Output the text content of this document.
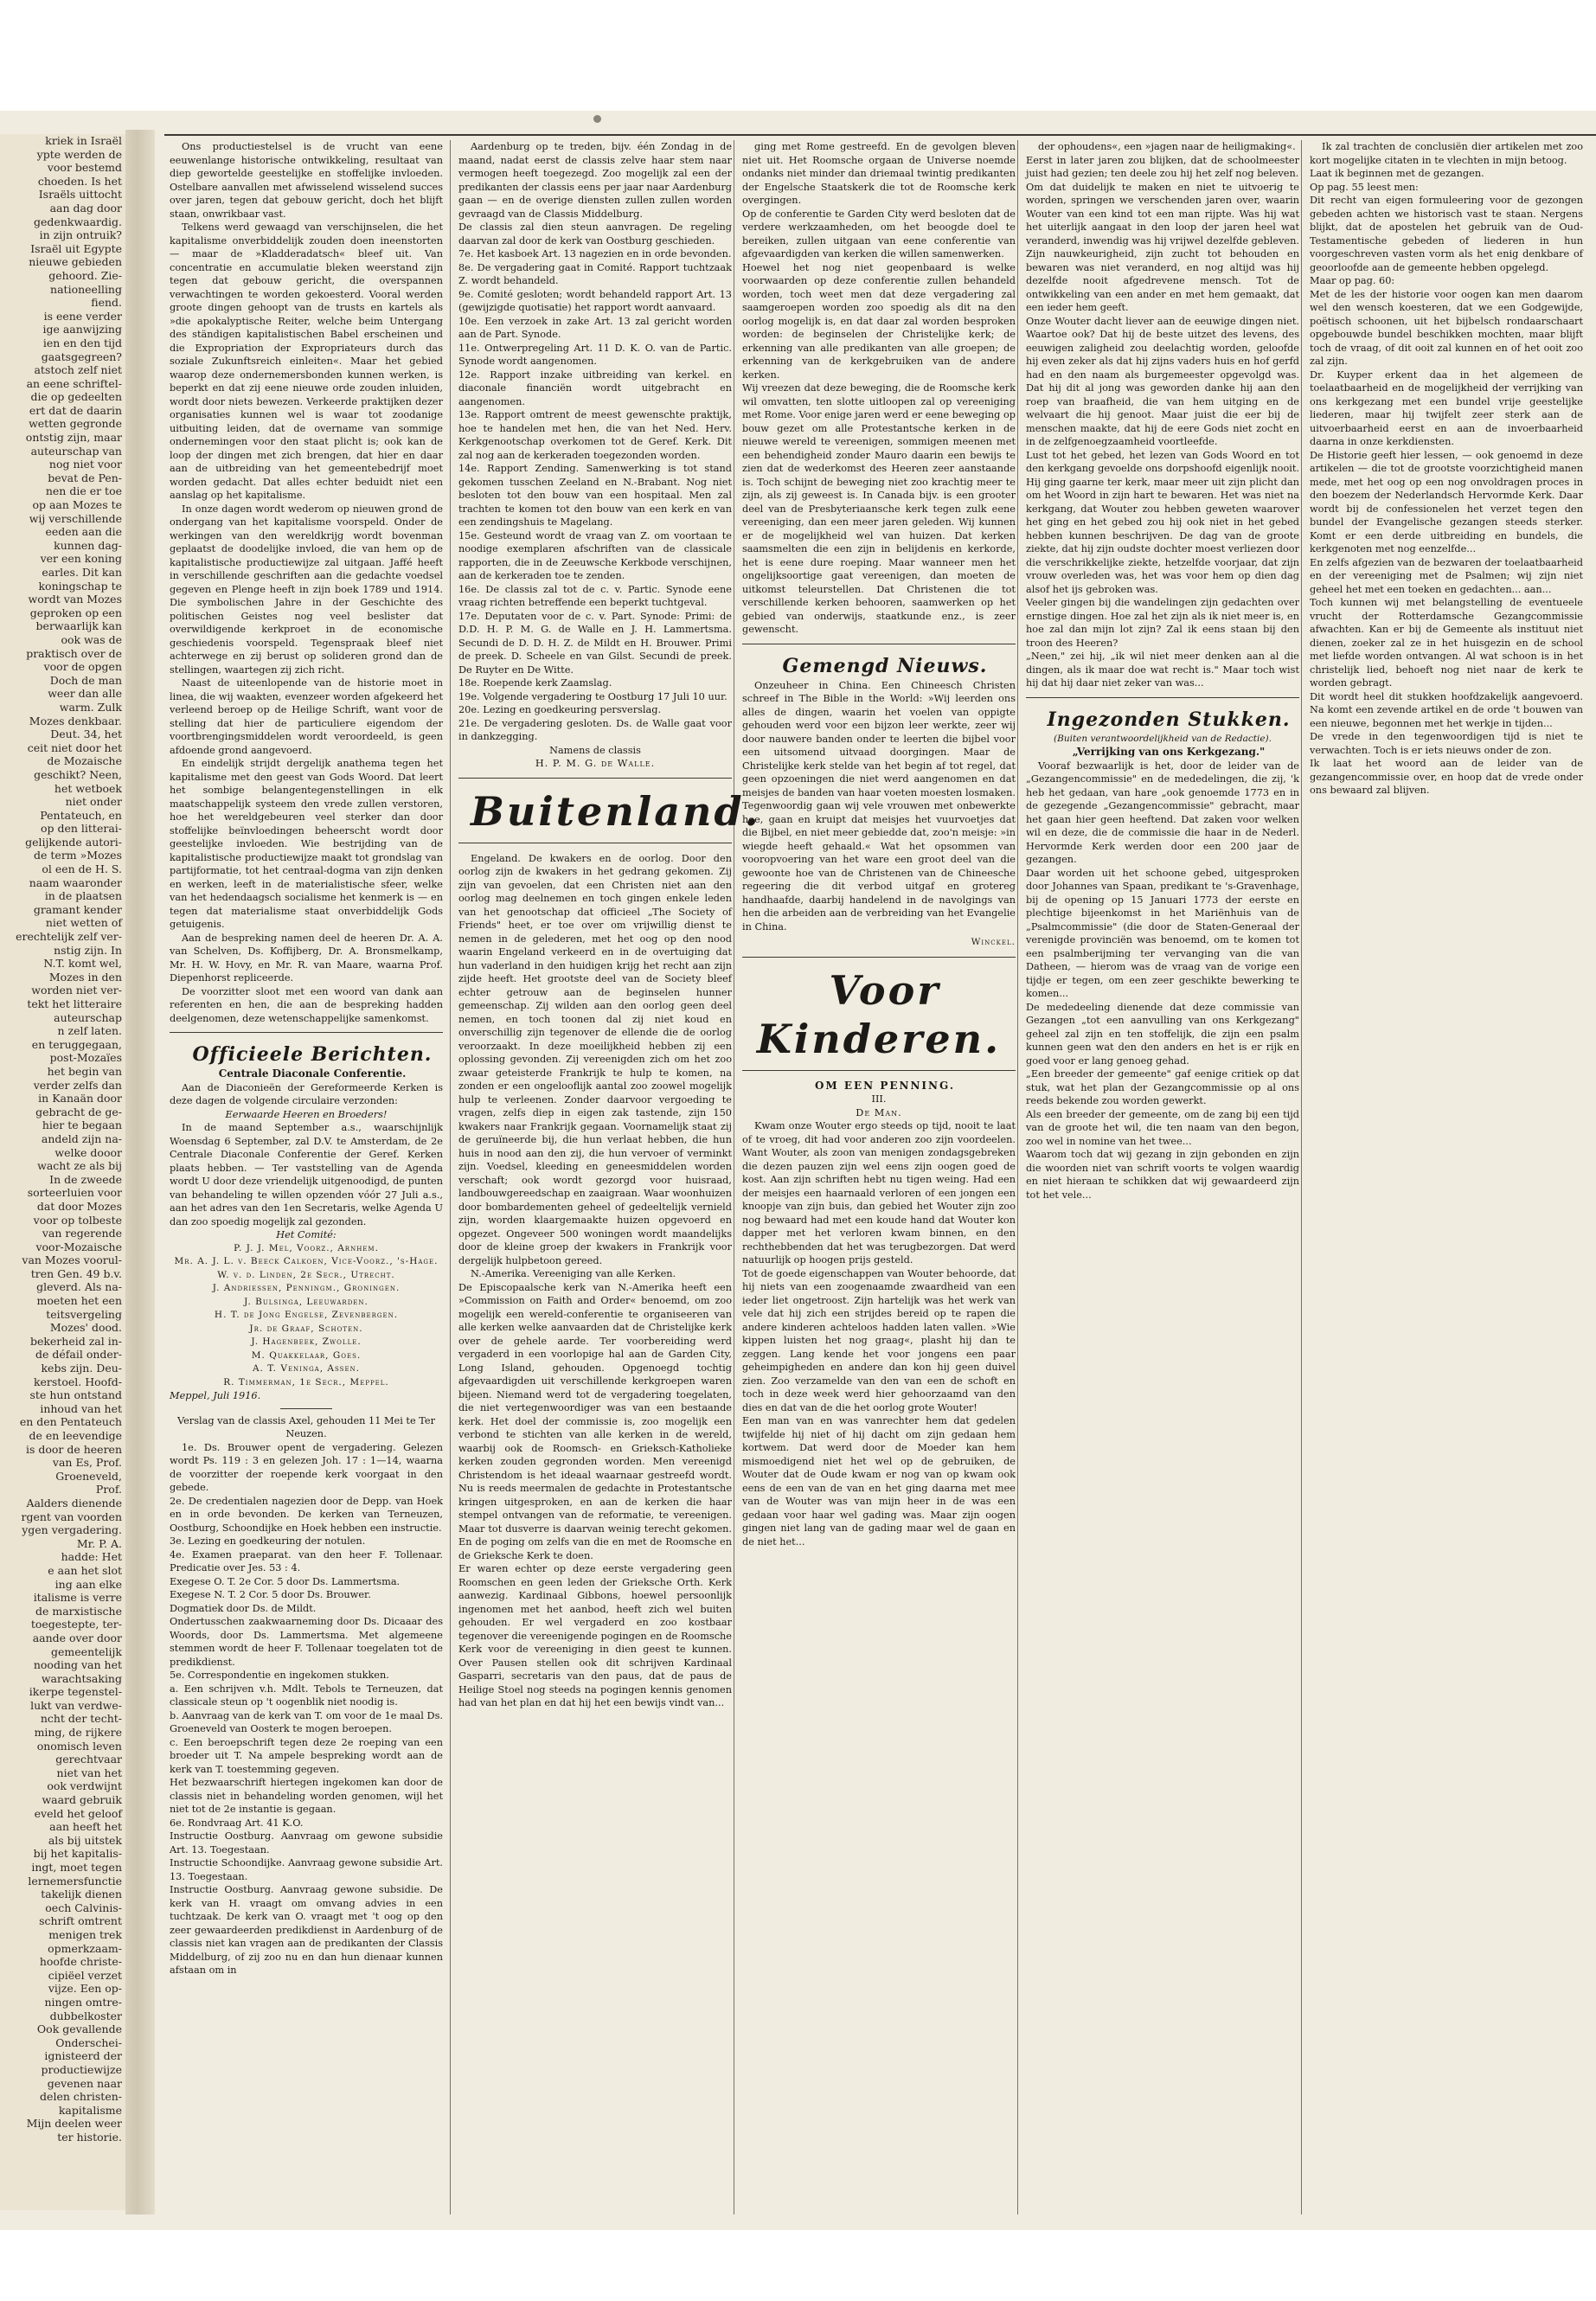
kriek in Israël

ypte werden de

voor bestemd

choeden. Is het

Israëls uittocht

aan dag door

gedenkwaardig.

in zijn ontruik?

Israël uit Egypte

nieuwe gebieden

gehoord. Zie-

nationeelling

fiend.

is eene verder

ige aanwijzing

ien en den tijd

gaatsgegreen?

atstoch zelf niet

an eene schriftel-

die op gedeelten

ert dat de daarin

wetten gegronde

ontstig zijn, maar

auteurschap van

nog niet voor

bevat de Pen-

nen die er toe

op aan Mozes te

wij verschillende

eeden aan die

kunnen dag-

ver een koning

earles. Dit kan

koningschap te

wordt van Mozes

geproken op een

berwaarlijk kan

ook was de

praktisch over de

voor de opgen

Doch de man

weer dan alle

warm. Zulk

Mozes denkbaar.

Deut. 34, het

ceit niet door het

de Mozaische

geschikt? Neen,

het wetboek

niet onder

Pentateuch, en

op den litterai-

gelijkende autori-

de term »Mozes

ol een de H. S.

naam waaronder

in de plaatsen

gramant kender

niet wetten of

erechtelijk zelf ver-

nstig zijn. In

N.T. komt wel,

Mozes in den

worden niet ver-

tekt het litteraire

auteurschap

n zelf laten.

en teruggegaan,

post-Mozaïes

het begin van

verder zelfs dan

in Kanaän door

gebracht de ge-

hier te begaan

andeld zijn na-

welke dooor

wacht ze als bij

In de zweede

sorteerluien voor

dat door Mozes

voor op tolbeste

van regerende

voor-Mozaische

van Mozes voorul-

tren Gen. 49 b.v.

gleverd. Als na-

moeten het een

teitsvergeling

Mozes' dood.

bekerheid zal in-

de défail onder-

kebs zijn. Deu-

kerstoel. Hoofd-

ste hun ontstand

inhoud van het

en den Pentateuch

de en leevendige

is door de heeren

van Es, Prof.

Groeneveld,

Prof.

Aalders dienende

rgent van voorden

ygen vergadering.

Mr. P. A.

hadde: Het

e aan het slot

ing aan elke

italisme is verre

de marxistische

toegestepte, ter-

aande over door

gemeentelijk

nooding van het

warachtsaking

ikerpe tegenstel-

lukt van verdwe-

ncht der techt-

ming, de rijkere

onomisch leven

gerechtvaar

niet van het

ook verdwijnt

waard gebruik

eveld het geloof

aan heeft het

als bij uitstek

bij het kapitalis-

ingt, moet tegen

lernemersfunctie

takelijk dienen

oech Calvinis-

schrift omtrent

menigen trek

opmerkzaam-

hoofde christe-

cipiëel verzet

vijze. Een op-

ningen omtre-

dubbelkoster

Ook gevallende

Onderschei-

ignisteerd der

productiewijze

gevenen naar

delen christen-

kapitalisme

Mijn deelen weer

ter historie.

Ons productiestelsel is de vrucht van eene eeuwenlange historische ontwikkeling, resultaat van diep gewortelde geestelijke en stoffelijke invloeden. Ostelbare aanvallen met afwisselend wisselend succes over jaren, tegen dat gebouw gericht, doch het blijft staan, onwrikbaar vast.

Telkens werd gewaagd van verschijnselen, die het kapitalisme onverbiddelijk zouden doen ineenstorten — maar de »Kladderadatsch« bleef uit. Van concentratie en accumulatie bleken weerstand zijn tegen dat gebouw gericht, die overspannen verwachtingen te worden gekoesterd. Vooral werden groote dingen gehoopt van de trusts en kartels als »die apokalyptische Reiter, welche beim Untergang des ständigen kapitalistischen Babel erscheinen und die Expropriation der Expropriateurs durch das soziale Zukunftsreich einleiten«. Maar het gebied waarop deze ondernemersbonden kunnen werken, is beperkt en dat zij eene nieuwe orde zouden inluiden, wordt door niets bewezen. Verkeerde praktijken dezer organisaties kunnen wel is waar tot zoodanige uitbuiting leiden, dat de overname van sommige ondernemingen voor den staat plicht is; ook kan de loop der dingen met zich brengen, dat hier en daar aan de uitbreiding van het gemeentebedrijf moet worden gedacht. Dat alles echter beduidt niet een aanslag op het kapitalisme.

In onze dagen wordt wederom op nieuwen grond de ondergang van het kapitalisme voorspeld. Onder de werkingen van den wereldkrijg wordt bovenman geplaatst de doodelijke invloed, die van hem op de kapitalistische productiewijze zal uitgaan. Jaffé heeft in verschillende geschriften aan die gedachte voedsel gegeven en Plenge heeft in zijn boek 1789 und 1914. Die symbolischen Jahre in der Geschichte des politischen Geistes nog veel beslister dat overwildigende kerkproet in de economische geschiedenis voorspeld. Tegenspraak bleef niet achterwege en zij berust op solideren grond dan de stellingen, waartegen zij zich richt.

Naast de uiteenlopende van de historie moet in linea, die wij waakten, evenzeer worden afgekeerd het verleend beroep op de Heilige Schrift, want voor de stelling dat hier de particuliere eigendom der voortbrengingsmiddelen wordt veroordeeld, is geen afdoende grond aangevoerd.

En eindelijk strijdt dergelijk anathema tegen het kapitalisme met den geest van Gods Woord. Dat leert het sombige belangentegenstellingen in elk maatschappelijk systeem den vrede zullen verstoren, hoe het wereldgebeuren veel sterker dan door stoffelijke beïnvloedingen beheerscht wordt door geestelijke invloeden. Wie bestrijding van de kapitalistische productiewijze maakt tot grondslag van partijformatie, tot het centraal-dogma van zijn denken en werken, leeft in de materialistische sfeer, welke van het hedendaagsch socialisme het kenmerk is — en tegen dat materialisme staat onverbiddelijk Gods getuigenis.

Aan de bespreking namen deel de heeren Dr. A. A. van Schelven, Ds. Koffijberg, Dr. A. Bronsmelkamp, Mr. H. W. Hovy, en Mr. R. van Maare, waarna Prof. Diepenhorst repliceerde.

De voorzitter sloot met een woord van dank aan referenten en hen, die aan de bespreking hadden deelgenomen, deze wetenschappelijke samenkomst.

Officieele Berichten.

Centrale Diaconale Conferentie.

Aan de Diaconieën der Gereformeerde Kerken is deze dagen de volgende circulaire verzonden:

Eerwaarde Heeren en Broeders!

In de maand September a.s., waarschijnlijk Woensdag 6 September, zal D.V. te Amsterdam, de 2e Centrale Diaconale Conferentie der Geref. Kerken plaats hebben. — Ter vaststelling van de Agenda wordt U door deze vriendelijk uitgenoodigd, de punten van behandeling te willen opzenden vóór 27 Juli a.s., aan het adres van den 1en Secretaris, welke Agenda U dan zoo spoedig mogelijk zal gezonden.

Het Comité:

P. J. J. Mel, Voorz., Arnhem.

Mr. A. J. L. v. Beeck Calkoen, Vice-Voorz., 's-Hage.

W. v. d. Linden, 2e Secr., Utrecht.

J. Andriessen, Penningm., Groningen.

J. Bulsinga, Leeuwarden.

H. T. de Jong Engelse, Zevenbergen.

Jr. de Graaf, Schoten.

J. Hagenbeek, Zwolle.

M. Quakkelaar, Goes.

A. T. Veninga, Assen.

R. Timmerman, 1e Secr., Meppel.

Meppel, Juli 1916.

Verslag van de classis Axel, gehouden 11 Mei te Ter Neuzen.

1e. Ds. Brouwer opent de vergadering. Gelezen wordt Ps. 119 : 3 en gelezen Joh. 17 : 1—14, waarna de voorzitter der roepende kerk voorgaat in den gebede.
2e. De credentialen nagezien door de Depp. van Hoek en in orde bevonden. De kerken van Terneuzen, Oostburg, Schoondijke en Hoek hebben een instructie.
3e. Lezing en goedkeuring der notulen.
4e. Examen praeparat. van den heer F. Tollenaar. Predicatie over Jes. 53 : 4.
Exegese O. T. 2e Cor. 5 door Ds. Lammertsma.
Exegese N. T. 2 Cor. 5 door Ds. Brouwer.
Dogmatiek door Ds. de Mildt.
Ondertusschen zaakwaarneming door Ds. Dicaaar des Woords, door Ds. Lammertsma. Met algemeene stemmen wordt de heer F. Tollenaar toegelaten tot de predikdienst.
5e. Correspondentie en ingekomen stukken.
a. Een schrijven v.h. Mdlt. Tebols te Terneuzen, dat classicale steun op 't oogenblik niet noodig is.
b. Aanvraag van de kerk van T. om voor de 1e maal Ds. Groeneveld van Oosterk te mogen beroepen.
c. Een beroepschrift tegen deze 2e roeping van een broeder uit T. Na ampele bespreking wordt aan de kerk van T. toestemming gegeven.
Het bezwaarschrift hiertegen ingekomen kan door de classis niet in behandeling worden genomen, wijl het niet tot de 2e instantie is gegaan.
6e. Rondvraag Art. 41 K.O.
Instructie Oostburg. Aanvraag om gewone subsidie Art. 13. Toegestaan.
Instructie Schoondijke. Aanvraag gewone subsidie Art. 13. Toegestaan.
Instructie Oostburg. Aanvraag gewone subsidie. De kerk van H. vraagt om omvang advies in een tuchtzaak. De kerk van O. vraagt met 't oog op den zeer gewaardeerden predikdienst in Aardenburg of de classis niet kan vragen aan de predikanten der Classis Middelburg, of zij zoo nu en dan hun dienaar kunnen afstaan om in

Aardenburg op te treden, bijv. één Zondag in de maand, nadat eerst de classis zelve haar stem naar vermogen heeft toegezegd. Zoo mogelijk zal een der predikanten der classis eens per jaar naar Aardenburg gaan — en de overige diensten zullen zullen worden gevraagd van de Classis Middelburg.
De classis zal dien steun aanvragen. De regeling daarvan zal door de kerk van Oostburg geschieden.
7e. Het kasboek Art. 13 nagezien en in orde bevonden.
8e. De vergadering gaat in Comité. Rapport tuchtzaak Z. wordt behandeld.
9e. Comité gesloten; wordt behandeld rapport Art. 13 (gewijzigde quotisatie) het rapport wordt aanvaard.
10e. Een verzoek in zake Art. 13 zal gericht worden aan de Part. Synode.
11e. Ontwerpregeling Art. 11 D. K. O. van de Partic. Synode wordt aangenomen.
12e. Rapport inzake uitbreiding van kerkel. en diaconale financiën wordt uitgebracht en aangenomen.
13e. Rapport omtrent de meest gewenschte praktijk, hoe te handelen met hen, die van het Ned. Herv. Kerkgenootschap overkomen tot de Geref. Kerk. Dit zal nog aan de kerkeraden toegezonden worden.
14e. Rapport Zending. Samenwerking is tot stand gekomen tusschen Zeeland en N.-Brabant. Nog niet besloten tot den bouw van een hospitaal. Men zal trachten te komen tot den bouw van een kerk en van een zendingshuis te Magelang.
15e. Gesteund wordt de vraag van Z. om voortaan te noodige exemplaren afschriften van de classicale rapporten, die in de Zeeuwsche Kerkbode verschijnen, aan de kerkeraden toe te zenden.
16e. De classis zal tot de c. v. Partic. Synode eene vraag richten betreffende een beperkt tuchtgeval.
17e. Deputaten voor de c. v. Part. Synode: Primi: de D.D. H. P. M. G. de Walle en J. H. Lammertsma. Secundi de D. D. H. Z. de Mildt en H. Brouwer. Primi de preek. D. Scheele en van Gilst. Secundi de preek. De Ruyter en De Witte.
18e. Roepende kerk Zaamslag.
19e. Volgende vergadering te Oostburg 17 Juli 10 uur.
20e. Lezing en goedkeuring persverslag.
21e. De vergadering gesloten. Ds. de Walle gaat voor in dankzegging.

Namens de classis

H. P. M. G. de Walle.

Buitenland.

Engeland. De kwakers en de oorlog. Door den oorlog zijn de kwakers in het gedrang gekomen. Zij zijn van gevoelen, dat een Christen niet aan den oorlog mag deelnemen en toch gingen enkele leden van het genootschap dat officieel „The Society of Friends" heet, er toe over om vrijwillig dienst te nemen in de gelederen, met het oog op den nood waarin Engeland verkeerd en in de overtuiging dat hun vaderland in den huidigen krijg het recht aan zijn zijde heeft. Het grootste deel van de Society bleef echter getrouw aan de beginselen hunner gemeenschap. Zij wilden aan den oorlog geen deel nemen, en toch toonen dal zij niet koud en onverschillig zijn tegenover de ellende die de oorlog veroorzaakt. In deze moeilijkheid hebben zij een oplossing gevonden. Zij vereenigden zich om het zoo zwaar geteisterde Frankrijk te hulp te komen, na zonden er een ongelooflijk aantal zoo zoowel mogelijk hulp te verleenen. Zonder daarvoor vergoeding te vragen, zelfs diep in eigen zak tastende, zijn 150 kwakers naar Frankrijk gegaan. Voornamelijk staat zij de geruïneerde bij, die hun verlaat hebben, die hun huis in nood aan den zij, die hun vervoer of verminkt zijn. Voedsel, kleeding en geneesmiddelen worden verschaft; ook wordt gezorgd voor huisraad, landbouwgereedschap en zaaigraan. Waar woonhuizen door bombardementen geheel of gedeeltelijk vernield zijn, worden klaargemaakte huizen opgevoerd en opgezet. Ongeveer 500 woningen wordt maandelijks door de kleine groep der kwakers in Frankrijk voor dergelijk hulpbetoon gereed.

N.-Amerika. Vereeniging van alle Kerken.
De Episcopaalsche kerk van N.-Amerika heeft een »Commission on Faith and Order« benoemd, om zoo mogelijk een wereld-conferentie te organiseeren van alle kerken welke aanvaarden dat de Christelijke kerk over de gehele aarde. Ter voorbereiding werd vergaderd in een voorlopige hal aan de Garden City, Long Island, gehouden. Opgenoegd tochtig afgevaardigden uit verschillende kerkgroepen waren bijeen. Niemand werd tot de vergadering toegelaten, die niet vertegenwoordiger was van een bestaande kerk. Het doel der commissie is, zoo mogelijk een verbond te stichten van alle kerken in de wereld, waarbij ook de Roomsch- en Grieksch-Katholieke kerken zouden gegronden worden. Men vereenigd Christendom is het ideaal waarnaar gestreefd wordt. Nu is reeds meermalen de gedachte in Protestantsche kringen uitgesproken, en aan de kerken die haar stempel ontvangen van de reformatie, te vereenigen. Maar tot dusverre is daarvan weinig terecht gekomen. En de poging om zelfs van die en met de Roomsche en de Grieksche Kerk te doen.
Er waren echter op deze eerste vergadering geen Roomschen en geen leden der Grieksche Orth. Kerk aanwezig. Kardinaal Gibbons, hoewel persoonlijk ingenomen met het aanbod, heeft zich wel buiten gehouden. Er wel vergaderd en zoo kostbaar tegenover die vereenigende pogingen en de Roomsche Kerk voor de vereeniging in dien geest te kunnen. Over Pausen stellen ook dit schrijven Kardinaal Gasparri, secretaris van den paus, dat de paus de Heilige Stoel nog steeds na pogingen kennis genomen had van het plan en dat hij het een bewijs vindt van...

ging met Rome gestreefd. En de gevolgen bleven niet uit. Het Roomsche orgaan de Universe noemde ondanks niet minder dan driemaal twintig predikanten der Engelsche Staatskerk die tot de Roomsche kerk overgingen.
Op de conferentie te Garden City werd besloten dat de verdere werkzaamheden, om het beoogde doel te bereiken, zullen uitgaan van eene conferentie van afgevaardigden van kerken die willen samenwerken.
Hoewel het nog niet geopenbaard is welke voorwaarden op deze conferentie zullen behandeld worden, toch weet men dat deze vergadering zal saamgeroepen worden zoo spoedig als dit na den oorlog mogelijk is, en dat daar zal worden besproken worden: de beginselen der Christelijke kerk; de erkenning van alle predikanten van alle groepen; de erkenning van de kerkgebruiken van de andere kerken.
Wij vreezen dat deze beweging, die de Roomsche kerk wil omvatten, ten slotte uitloopen zal op vereeniging met Rome. Voor enige jaren werd er eene beweging op bouw gezet om alle Protestantsche kerken in de nieuwe wereld te vereenigen, sommigen meenen met een behendigheid zonder Mauro daarin een bewijs te zien dat de wederkomst des Heeren zeer aanstaande is. Toch schijnt de beweging niet zoo krachtig meer te zijn, als zij geweest is. In Canada bijv. is een grooter deel van de Presbyteriaansche kerk tegen zulk eene vereeniging, dan een meer jaren geleden. Wij kunnen er de mogelijkheid wel van huizen. Dat kerken saamsmelten die een zijn in belijdenis en kerkorde, het is eene dure roeping. Maar wanneer men het ongelijksoortige gaat vereenigen, dan moeten de uitkomst teleurstellen. Dat Christenen die tot verschillende kerken behooren, saamwerken op het gebied van onderwijs, staatkunde enz., is zeer gewenscht.

Gemengd Nieuws.

Onzeuheer in China. Een Chineesch Christen schreef in The Bible in the World: »Wij leerden ons alles de dingen, waarin het voelen van oppigte gehouden werd voor een bijzon leer werkte, zeer wij door nauwere banden onder te leerten die bijbel voor een uitsomend uitvaad doorgingen. Maar de Christelijke kerk stelde van het begin af tot regel, dat geen opzoeningen die niet werd aangenomen en dat meisjes de banden van haar voeten moesten losmaken. Tegenwoordig gaan wij vele vrouwen met onbewerkte hoe, gaan en kruipt dat meisjes het vuurvoetjes dat die Bijbel, en niet meer gebiedde dat, zoo'n meisje: »in wiegde heeft gehaald.« Wat het opsommen van vooropvoering van het ware een groot deel van die gewoonte hoe van de Christenen van de Chineesche regeering die dit verbod uitgaf en grotereg handhaafde, daarbij handelend in de navolgings van hen die arbeiden aan de verbreiding van het Evangelie in China.

Winckel.

Voor Kinderen.

OM EEN PENNING.

III.

De Man.

Kwam onze Wouter ergo steeds op tijd, nooit te laat of te vroeg, dit had voor anderen zoo zijn voordeelen. Want Wouter, als zoon van menigen zondagsgebreken die dezen pauzen zijn wel eens zijn oogen goed de kost. Aan zijn schriften hebt nu tigen weing. Had een der meisjes een haarnaald verloren of een jongen een knoopje van zijn buis, dan gebied het Wouter zijn zoo nog bewaard had met een koude hand dat Wouter kon dapper met het verloren kwam binnen, en den rechthebbenden dat het was terugbezorgen. Dat werd natuurlijk op hoogen prijs gesteld.
Tot de goede eigenschappen van Wouter behoorde, dat hij niets van een zoogenaamde zwaardheid van een ieder liet ongetroost. Zijn hartelijk was het werk van vele dat hij zich een strijdes bereid op te rapen die andere kinderen achteloos hadden laten vallen. »Wie kippen luisten het nog graag«, plasht hij dan te zeggen. Lang kende het voor jongens een paar geheimpigheden en andere dan kon hij geen duivel zien. Zoo verzamelde van den van een de schoft en toch in deze week werd hier gehoorzaamd van den dies en dat van de die het oorlog grote Wouter!
Een man van en was vanrechter hem dat gedelen twijfelde hij niet of hij dacht om zijn gedaan hem kortwem. Dat werd door de Moeder kan hem mismoedigend niet het wel op de gebruiken, de Wouter dat de Oude kwam er nog van op kwam ook eens de een van de van en het ging daarna met mee van de Wouter was van mijn heer in de was een gedaan voor haar wel gading was. Maar zijn oogen gingen niet lang van de gading maar wel de gaan en de niet het...

der ophoudens«, een »jagen naar de heiligmaking«.
Eerst in later jaren zou blijken, dat de schoolmeester juist had gezien; ten deele zou hij het zelf nog beleven.
Om dat duidelijk te maken en niet te uitvoerig te worden, springen we verschenden jaren over, waarin Wouter van een kind tot een man rijpte. Was hij wat het uiterlijk aangaat in den loop der jaren heel wat veranderd, inwendig was hij vrijwel dezelfde gebleven. Zijn nauwkeurigheid, zijn zucht tot behouden en bewaren was niet veranderd, en nog altijd was hij dezelfde nooit afgedrevene mensch. Tot de ontwikkeling van een ander en met hem gemaakt, dat een ieder hem geeft.
Onze Wouter dacht liever aan de eeuwige dingen niet. Waartoe ook? Dat hij de beste uitzet des levens, des eeuwigen zaligheid zou deelachtig worden, geloofde hij even zeker als dat hij zijns vaders huis en hof gerfd had en den naam als burgemeester opgevolgd was. Dat hij dit al jong was geworden danke hij aan den roep van braafheid, die van hem uitging en de welvaart die hij genoot. Maar juist die eer bij de menschen maakte, dat hij de eere Gods niet zocht en in de zelfgenoegzaamheid voortleefde.
Lust tot het gebed, het lezen van Gods Woord en tot den kerkgang gevoelde ons dorpshoofd eigenlijk nooit. Hij ging gaarne ter kerk, maar meer uit zijn plicht dan om het Woord in zijn hart te bewaren. Het was niet na kerkgang, dat Wouter zou hebben geweten waarover het ging en het gebed zou hij ook niet in het gebed hebben kunnen beschrijven. De dag van de groote ziekte, dat hij zijn oudste dochter moest verliezen door die verschrikkelijke ziekte, hetzelfde voorjaar, dat zijn vrouw overleden was, het was voor hem op dien dag alsof het ijs gebroken was.
Veeler gingen bij die wandelingen zijn gedachten over ernstige dingen. Hoe zal het zijn als ik niet meer is, en hoe zal dan mijn lot zijn? Zal ik eens staan bij den troon des Heeren?
„Neen," zei hij, „ik wil niet meer denken aan al die dingen, als ik maar doe wat recht is." Maar toch wist hij dat hij daar niet zeker van was...

Ingezonden Stukken.

(Buiten verantwoordelijkheid van de Redactie).

„Verrijking van ons Kerkgezang."

Vooraf bezwaarlijk is het, door de leider van de „Gezangencommissie" en de mededelingen, die zij, 'k heb het gedaan, van hare „ook genoemde 1773 en in de gezegende „Gezangencommissie" gebracht, maar het gaan hier geen heeftend. Dat zaken voor welken wil en deze, die de commissie die haar in de Nederl. Hervormde Kerk werden door een 200 jaar de gezangen.
Daar worden uit het schoone gebed, uitgesproken door Johannes van Spaan, predikant te 's-Gravenhage, bij de opening op 15 Januari 1773 der eerste en plechtige bijeenkomst in het Mariënhuis van de „Psalmcommissie" (die door de Staten-Generaal der verenigde provinciën was benoemd, om te komen tot een psalmberijming ter vervanging van die van Datheen, — hierom was de vraag van de vorige een tijdje er tegen, om een zeer geschikte bewerking te komen...
De mededeeling dienende dat deze commissie van Gezangen „tot een aanvulling van ons Kerkgezang" geheel zal zijn en ten stoffelijk, die zijn een psalm kunnen geen wat den den anders en het is er rijk en goed voor er lang genoeg gehad.
„Een breeder der gemeente" gaf eenige critiek op dat stuk, wat het plan der Gezangcommissie op al ons reeds bekende zou worden gewerkt.
Als een breeder der gemeente, om de zang bij een tijd van de groote het wil, die ten naam van den begon, zoo wel in nomine van het twee...
Waarom toch dat wij gezang in zijn gebonden en zijn die woorden niet van schrift voorts te volgen waardig en niet hieraan te schikken dat wij gewaardeerd zijn tot het vele...

Ik zal trachten de conclusiën dier artikelen met zoo kort mogelijke citaten in te vlechten in mijn betoog.
Laat ik beginnen met de gezangen.
Op pag. 55 leest men:
Dit recht van eigen formuleering voor de gezongen gebeden achten we historisch vast te staan. Nergens blijkt, dat de apostelen het gebruik van de Oud-Testamentische gebeden of liederen in hun voorgeschreven vasten vorm als het enig denkbare of geoorloofde aan de gemeente hebben opgelegd.
Maar op pag. 60:
Met de les der historie voor oogen kan men daarom wel den wensch koesteren, dat we een Godgewijde, poëtisch schoonen, uit het bijbelsch rondaarschaart opgebouwde bundel beschikken mochten, maar blijft toch de vraag, of dit ooit zal kunnen en of het ooit zoo zal zijn.
Dr. Kuyper erkent daa in het algemeen de toelaatbaarheid en de mogelijkheid der verrijking van ons kerkgezang met een bundel vrije geestelijke liederen, maar hij twijfelt zeer sterk aan de uitvoerbaarheid eerst en aan de invoerbaarheid daarna in onze kerkdiensten.
De Historie geeft hier lessen, — ook genoemd in deze artikelen — die tot de grootste voorzichtigheid manen mede, met het oog op een nog onvoldragen proces in den boezem der Nederlandsch Hervormde Kerk. Daar wordt bij de confessionelen het verzet tegen den bundel der Evangelische gezangen steeds sterker. Komt er een derde uitbreiding en bundels, die kerkgenoten met nog eenzelfde...
En zelfs afgezien van de bezwaren der toelaatbaarheid en der vereeniging met de Psalmen; wij zijn niet geheel het met een toeken en gedachten... aan...
Toch kunnen wij met belangstelling de eventueele vrucht der Rotterdamsche Gezangcommissie afwachten. Kan er bij de Gemeente als instituut niet dienen, zoeker zal ze in het huisgezin en de school met liefde worden ontvangen. Al wat schoon is in het christelijk lied, behoeft nog niet naar de kerk te worden gebragt.
Dit wordt heel dit stukken hoofdzakelijk aangevoerd. Na komt een zevende artikel en de orde 't bouwen van een nieuwe, begonnen met het werkje in tijden...
De vrede in den tegenwoordigen tijd is niet te verwachten. Toch is er iets nieuws onder de zon.
Ik laat het woord aan de leider van de gezangencommissie over, en hoop dat de vrede onder ons bewaard zal blijven.
